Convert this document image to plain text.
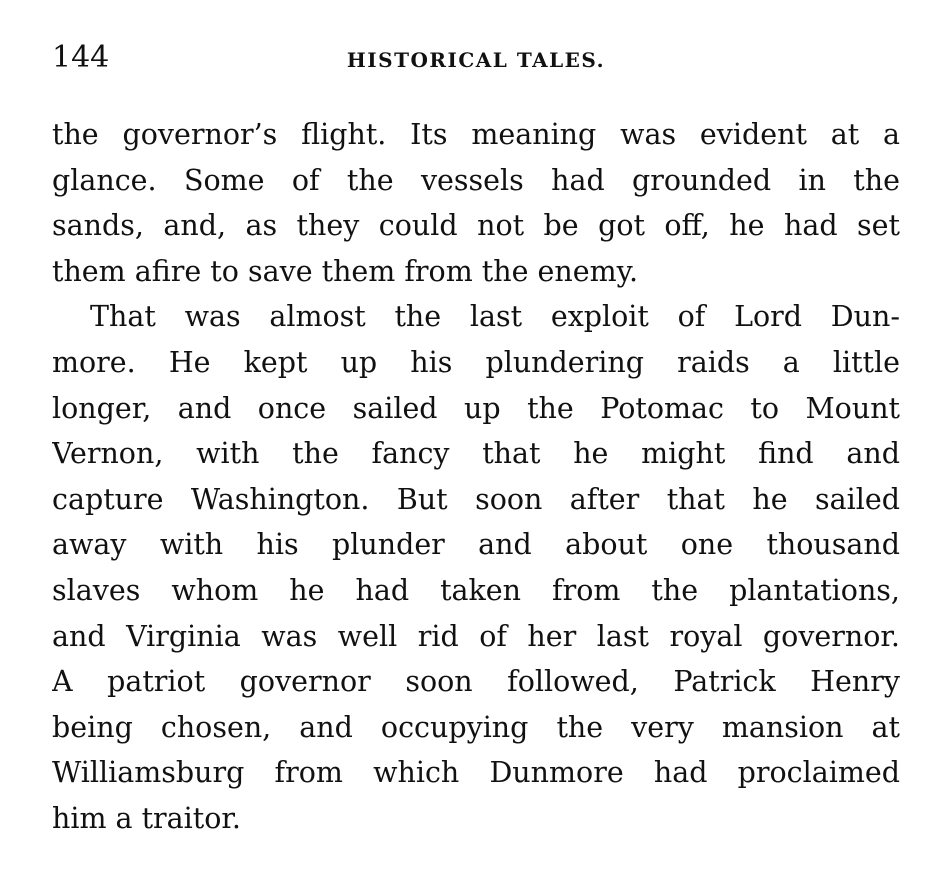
144	HISTORICAL TALES.
the governor’s flight. Its meaning was evident at a
glance. Some of the vessels had grounded in the
sands, and, as they could not be got off, he had set
them afire to save them from the enemy.
That was almost the last exploit of Lord Dun-
more. He kept up his plundering raids a little
longer, and once sailed up the Potomac to Mount
Vernon, with the fancy that he might find and
capture Washington. But soon after that he sailed
away with his plunder and about one thousand
slaves whom he had taken from the plantations,
and Virginia was well rid of her last royal governor.
A patriot governor soon followed, Patrick Henry
being chosen, and occupying the very mansion at
Williamsburg from which Dunmore had proclaimed
him a traitor.
